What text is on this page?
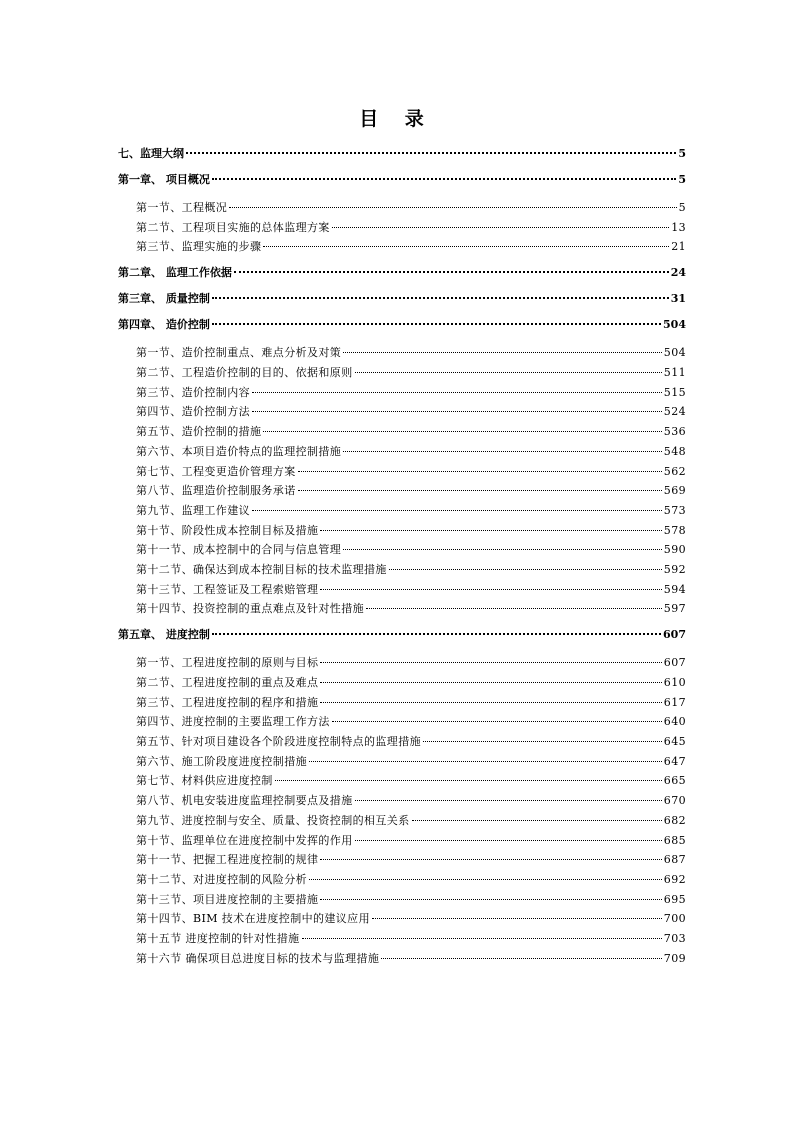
目 录
七、监理大纲	5
第一章、 项目概况	5
第一节、工程概况	5
第二节、工程项目实施的总体监理方案	13
第三节、监理实施的步骤	21
第二章、 监理工作依据	24
第三章、 质量控制	31
第四章、 造价控制	504
第一节、造价控制重点、难点分析及对策	504
第二节、工程造价控制的目的、依据和原则	511
第三节、造价控制内容	515
第四节、造价控制方法	524
第五节、造价控制的措施	536
第六节、本项目造价特点的监理控制措施	548
第七节、工程变更造价管理方案	562
第八节、监理造价控制服务承诺	569
第九节、监理工作建议	573
第十节、阶段性成本控制目标及措施	578
第十一节、成本控制中的合同与信息管理	590
第十二节、确保达到成本控制目标的技术监理措施	592
第十三节、工程签证及工程索赔管理	594
第十四节、投资控制的重点难点及针对性措施	597
第五章、 进度控制	607
第一节、工程进度控制的原则与目标	607
第二节、工程进度控制的重点及难点	610
第三节、工程进度控制的程序和措施	617
第四节、进度控制的主要监理工作方法	640
第五节、针对项目建设各个阶段进度控制特点的监理措施	645
第六节、施工阶段度进度控制措施	647
第七节、材料供应进度控制	665
第八节、机电安装进度监理控制要点及措施	670
第九节、进度控制与安全、质量、投资控制的相互关系	682
第十节、监理单位在进度控制中发挥的作用	685
第十一节、把握工程进度控制的规律	687
第十二节、对进度控制的风险分析	692
第十三节、项目进度控制的主要措施	695
第十四节、BIM 技术在进度控制中的建议应用	700
第十五节 进度控制的针对性措施	703
第十六节 确保项目总进度目标的技术与监理措施	709
